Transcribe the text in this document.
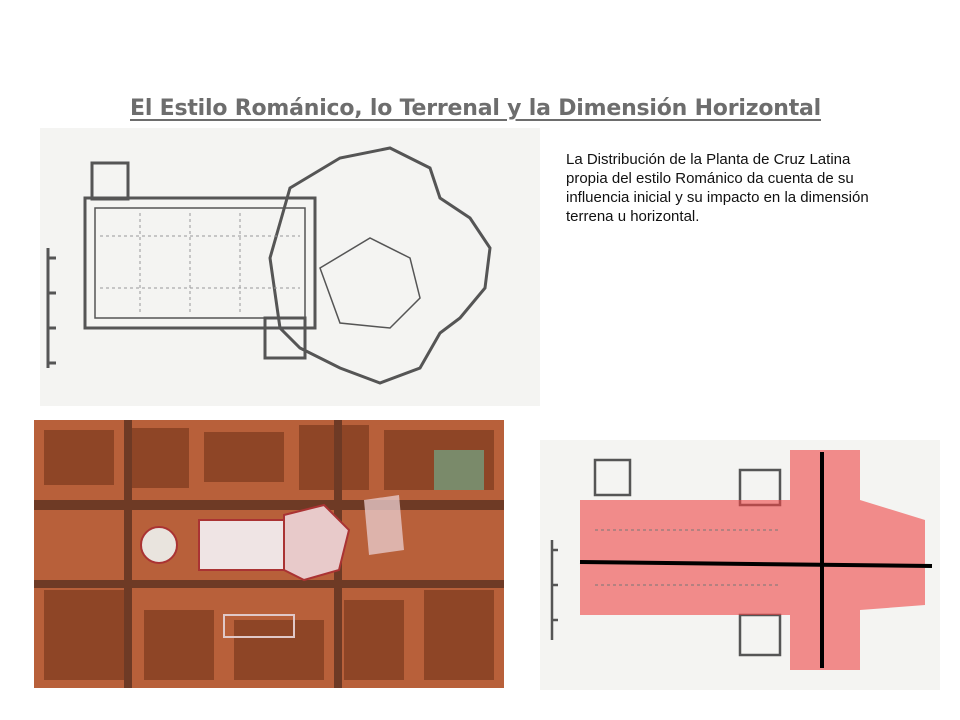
El Estilo Románico, lo Terrenal y la Dimensión Horizontal
La Distribución de la Planta de Cruz Latina propia del estilo Románico da cuenta de su influencia inicial y su impacto en la dimensión terrena u horizontal.
